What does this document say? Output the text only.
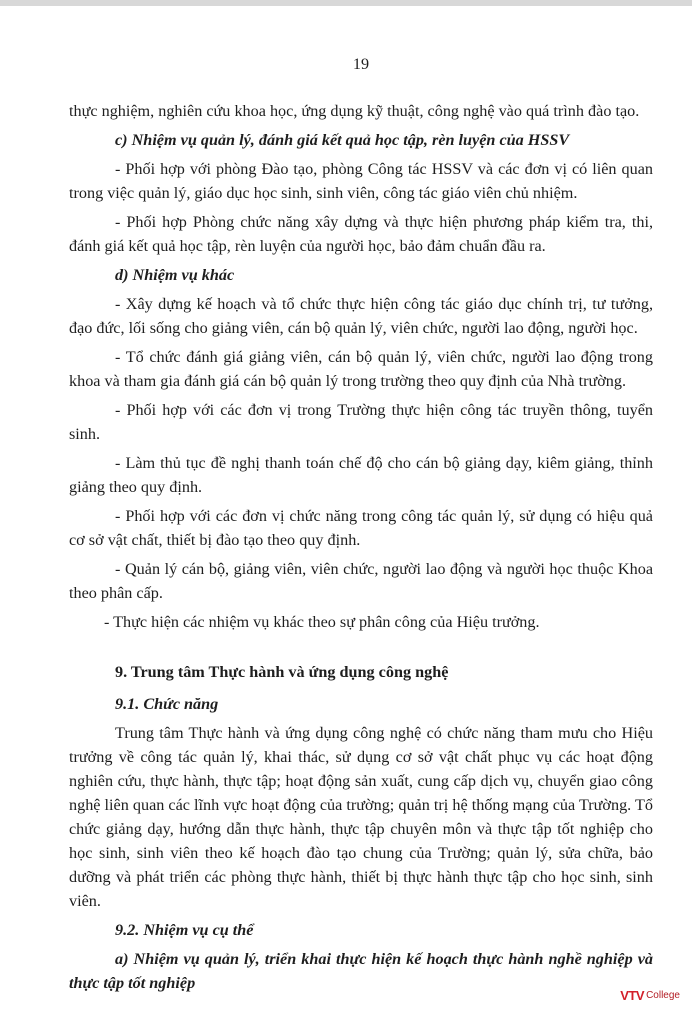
19

thực nghiệm, nghiên cứu khoa học, ứng dụng kỹ thuật, công nghệ vào quá trình đào tạo.

c) Nhiệm vụ quản lý, đánh giá kết quả học tập, rèn luyện của HSSV

- Phối hợp với phòng Đào tạo, phòng Công tác HSSV và các đơn vị có liên quan trong việc quản lý, giáo dục học sinh, sinh viên, công tác giáo viên chủ nhiệm.

- Phối hợp Phòng chức năng xây dựng và thực hiện phương pháp kiểm tra, thi, đánh giá kết quả học tập, rèn luyện của người học, bảo đảm chuẩn đầu ra.

d) Nhiệm vụ khác

- Xây dựng kế hoạch và tổ chức thực hiện công tác giáo dục chính trị, tư tưởng, đạo đức, lối sống cho giảng viên, cán bộ quản lý, viên chức, người lao động, người học.

- Tổ chức đánh giá giảng viên, cán bộ quản lý, viên chức, người lao động trong khoa và tham gia đánh giá cán bộ quản lý trong trường theo quy định của Nhà trường.

- Phối hợp với các đơn vị trong Trường thực hiện công tác truyền thông, tuyển sinh.

- Làm thủ tục đề nghị thanh toán chế độ cho cán bộ giảng dạy, kiêm giảng, thỉnh giảng theo quy định.

- Phối hợp với các đơn vị chức năng trong công tác quản lý, sử dụng có hiệu quả cơ sở vật chất, thiết bị đào tạo theo quy định.

- Quản lý cán bộ, giảng viên, viên chức, người lao động và người học thuộc Khoa theo phân cấp.

- Thực hiện các nhiệm vụ khác theo sự phân công của Hiệu trưởng.

9. Trung tâm Thực hành và ứng dụng công nghệ

9.1. Chức năng

Trung tâm Thực hành và ứng dụng công nghệ có chức năng tham mưu cho Hiệu trưởng về công tác quản lý, khai thác, sử dụng cơ sở vật chất phục vụ các hoạt động nghiên cứu, thực hành, thực tập; hoạt động sản xuất, cung cấp dịch vụ, chuyển giao công nghệ liên quan các lĩnh vực hoạt động của trường; quản trị hệ thống mạng của Trường. Tổ chức giảng dạy, hướng dẫn thực hành, thực tập chuyên môn và thực tập tốt nghiệp cho học sinh, sinh viên theo kế hoạch đào tạo chung của Trường; quản lý, sửa chữa, bảo dưỡng và phát triển các phòng thực hành, thiết bị thực hành thực tập cho học sinh, sinh viên.

9.2. Nhiệm vụ cụ thể

a) Nhiệm vụ quản lý, triển khai thực hiện kế hoạch thực hành nghề nghiệp và thực tập tốt nghiệp

VTV College
